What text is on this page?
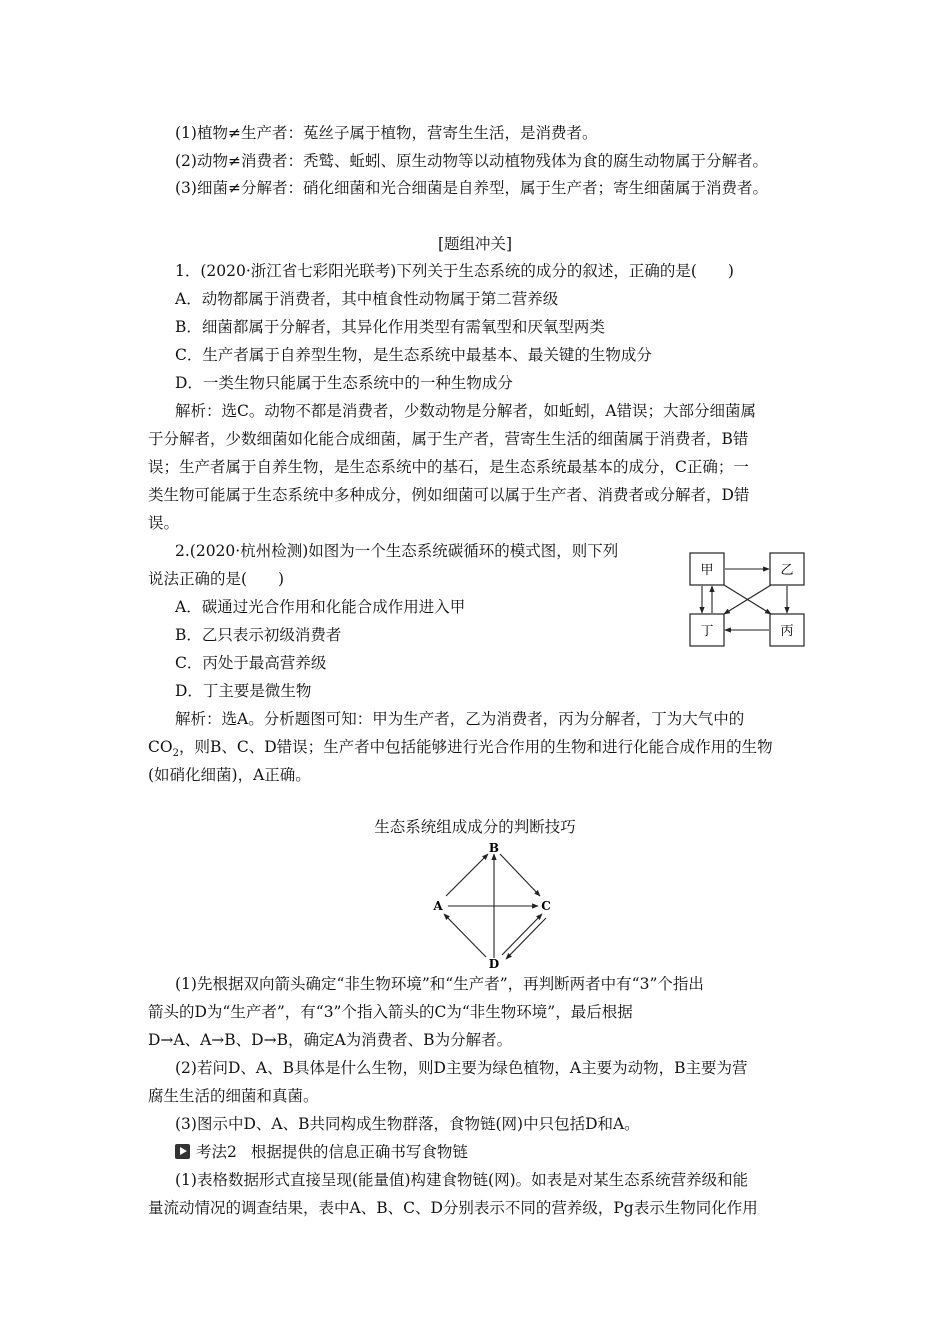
(1)植物≠生产者：菟丝子属于植物，营寄生生活，是消费者。
(2)动物≠消费者：秃鹫、蚯蚓、原生动物等以动植物残体为食的腐生动物属于分解者。
(3)细菌≠分解者：硝化细菌和光合细菌是自养型，属于生产者；寄生细菌属于消费者。
[题组冲关]
1．(2020·浙江省七彩阳光联考)下列关于生态系统的成分的叙述，正确的是(　　)
A．动物都属于消费者，其中植食性动物属于第二营养级
B．细菌都属于分解者，其异化作用类型有需氧型和厌氧型两类
C．生产者属于自养型生物，是生态系统中最基本、最关键的生物成分
D．一类生物只能属于生态系统中的一种生物成分
解析：选C。动物不都是消费者，少数动物是分解者，如蚯蚓，A错误；大部分细菌属
于分解者，少数细菌如化能合成细菌，属于生产者，营寄生生活的细菌属于消费者，B错
误；生产者属于自养生物，是生态系统中的基石，是生态系统最基本的成分，C正确；一
类生物可能属于生态系统中多种成分，例如细菌可以属于生产者、消费者或分解者，D错
误。
2.(2020·杭州检测)如图为一个生态系统碳循环的模式图，则下列
说法正确的是(　　)
A．碳通过光合作用和化能合成作用进入甲
B．乙只表示初级消费者
C．丙处于最高营养级
D．丁主要是微生物
甲	乙
丁	丙
解析：选A。分析题图可知：甲为生产者，乙为消费者，丙为分解者，丁为大气中的
$CO_2$，则B、C、D错误；生产者中包括能够进行光合作用的生物和进行化能合成作用的生物
(如硝化细菌)，A正确。
生态系统组成成分的判断技巧
B
A	C
D
(1)先根据双向箭头确定“非生物环境”和“生产者”，再判断两者中有“3”个指出
箭头的D为“生产者”，有“3”个指入箭头的C为“非生物环境”，最后根据
D→A、A→B、D→B，确定A为消费者、B为分解者。
(2)若问D、A、B具体是什么生物，则D主要为绿色植物，A主要为动物，B主要为营
腐生生活的细菌和真菌。
(3)图示中D、A、B共同构成生物群落，食物链(网)中只包括D和A。
考法2 根据提供的信息正确书写食物链
(1)表格数据形式直接呈现(能量值)构建食物链(网)。如表是对某生态系统营养级和能
量流动情况的调查结果，表中A、B、C、D分别表示不同的营养级，Pg表示生物同化作用
